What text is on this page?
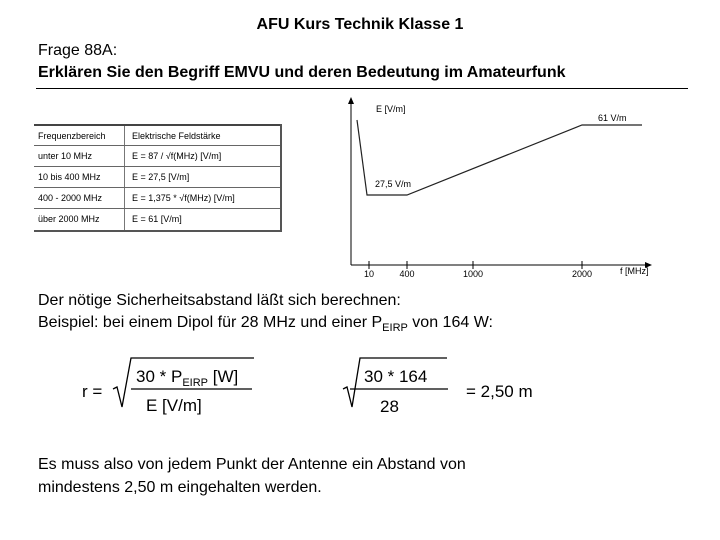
AFU Kurs Technik Klasse 1
Frage 88A:
Erklären Sie den Begriff EMVU und deren Bedeutung im Amateurfunk
Frequenzbereich	Elektrische Feldstärke
unter 10 MHz	E = 87 / √f(MHz) [V/m]
10 bis 400 MHz	E = 27,5 [V/m]
400 - 2000 MHz	E = 1,375 * √f(MHz) [V/m]
über 2000 MHz	E = 61 [V/m]
E [V/m]
61 V/m
27,5 V/m
10	400	1000	2000	f [MHz]
Der nötige Sicherheitsabstand läßt sich berechnen:
Beispiel: bei einem Dipol für 28 MHz und einer $P_{EIRP}$ von 164 W:
r =
$30 * P_{EIRP}$ [W]
E [V/m]
30 * 164
28
= 2,50 m
Es muss also von jedem Punkt der Antenne ein Abstand von
mindestens 2,50 m eingehalten werden.
